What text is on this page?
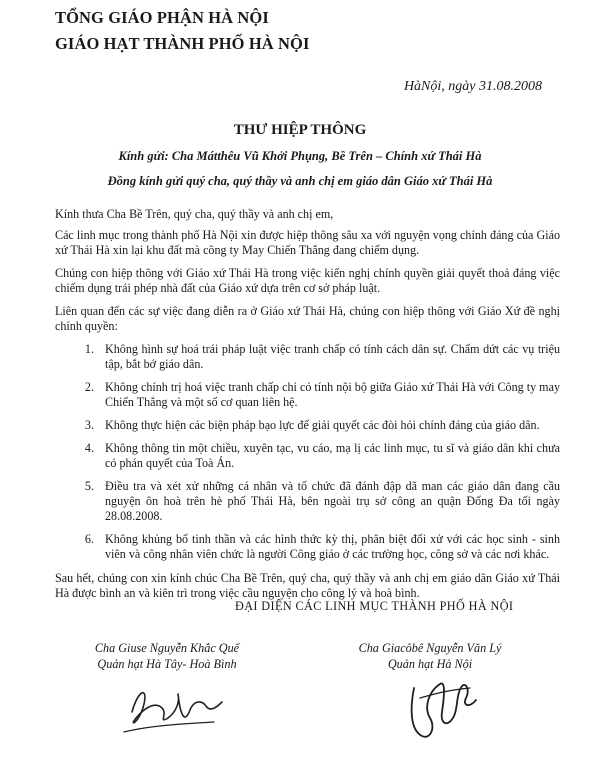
TỔNG GIÁO PHẬN HÀ NỘI
GIÁO HẠT THÀNH PHỐ HÀ NỘI
HàNội, ngày 31.08.2008
THƯ HIỆP THÔNG
Kính gửi: Cha Mátthêu Vũ Khởi Phụng, Bề Trên – Chính xứ Thái Hà
Đồng kính gửi quý cha, quý thầy và anh chị em giáo dân Giáo xứ Thái Hà

Kính thưa Cha Bề Trên, quý cha, quý thầy và anh chị em,

Các linh mục trong thành phố Hà Nội xin được hiệp thông sâu xa với nguyện vọng chính đáng của Giáo xứ Thái Hà xin lại khu đất mà công ty May Chiến Thắng đang chiếm dụng.

Chúng con hiệp thông với Giáo xứ Thái Hà trong việc kiến nghị chính quyền giải quyết thoả đáng việc chiếm dụng trái phép nhà đất của Giáo xứ dựa trên cơ sở pháp luật.

Liên quan đến các sự việc đang diễn ra ở Giáo xứ Thái Hà, chúng con hiệp thông với Giáo Xứ đề nghị chính quyền:

1. Không hình sự hoá trái pháp luật việc tranh chấp có tính cách dân sự. Chấm dứt các vụ triệu tập, bắt bớ giáo dân.
2. Không chính trị hoá việc tranh chấp chỉ có tính nội bộ giữa Giáo xứ Thái Hà với Công ty may Chiến Thắng và một số cơ quan liên hệ.
3. Không thực hiện các biện pháp bạo lực để giải quyết các đòi hỏi chính đáng của giáo dân.
4. Không thông tin một chiều, xuyên tạc, vu cáo, mạ lị các linh mục, tu sĩ và giáo dân khi chưa có phán quyết của Toà Án.
5. Điều tra và xét xử những cá nhân và tổ chức đã đánh đập dã man các giáo dân đang cầu nguyện ôn hoà trên hè phố Thái Hà, bên ngoài trụ sở công an quận Đống Đa tối ngày 28.08.2008.
6. Không khủng bố tinh thần và các hình thức kỳ thị, phân biệt đối xử với các học sinh - sinh viên và công nhân viên chức là người Công giáo ở các trường học, công sở và các nơi khác.

Sau hết, chúng con xin kính chúc Cha Bề Trên, quý cha, quý thầy và anh chị em giáo dân Giáo xứ Thái Hà được bình an và kiên trì trong việc cầu nguyện cho công lý và hoà bình.

ĐẠI DIỆN CÁC LINH MỤC THÀNH PHỐ HÀ NỘI
Cha Giuse Nguyễn Khắc Quế
Quản hạt Hà Tây- Hoà Bình
Cha Giacôbê Nguyễn Văn Lý
Quản hạt Hà Nội
